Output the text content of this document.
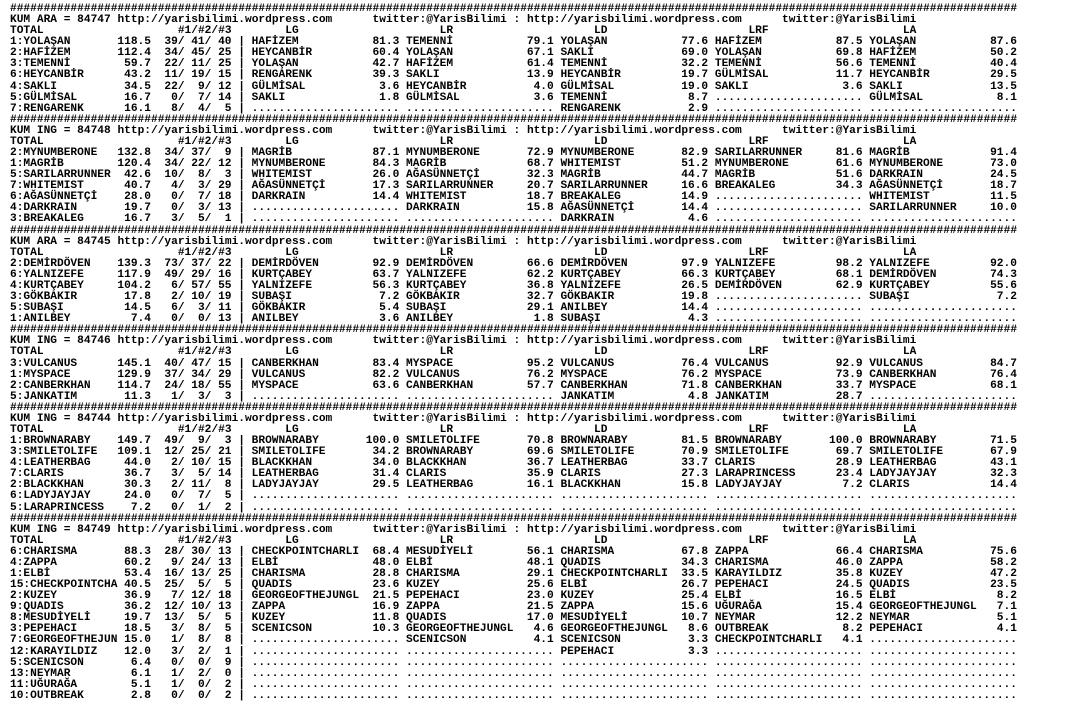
######################################################################################################################################################
KUM ARA = 84747 http://yarisbilimi.wordpress.com	twitter:@YarisBilimi : http://yarisbilimi.wordpress.com	twitter:@YarisBilimi
TOTAL	#1/#2/#3	LG	LR	LD	LRF	LA
1:YOLAŞAN	118.5 39/ 41/ 40 | HAFİZEM	81.3 TEMENNİ	79.1 YOLAŞAN	77.6 HAFİZEM	87.5 YOLAŞAN	87.6
2:HAFİZEM	112.4 34/ 45/ 25 | HEYCANBİR	60.4 YOLAŞAN	67.1 SAKLI	69.0 YOLAŞAN	69.8 HAFİZEM	50.2
3:TEMENNİ	59.7 22/ 11/ 25 | YOLAŞAN	42.7 HAFİZEM	61.4 TEMENNİ	32.2 TEMENNİ	56.6 TEMENNİ	40.4
6:HEYCANBİR	43.2 11/ 19/ 15 | RENGARENK	39.3 SAKLI	13.9 HEYCANBİR	19.7 GÜLMİSAL	11.7 HEYCANBİR	29.5
4:SAKLI	34.5 22/ 9/ 12 | GÜLMİSAL	3.6 HEYCANBİR	4.0 GÜLMİSAL	19.0 SAKLI	3.6 SAKLI	13.5
5:GÜLMİSAL	16.7 0/ 7/ 14 | SAKLI	1.8 GÜLMİSAL	3.6 TEMENNİ	8.7 ...................... GÜLMİSAL	8.1
7:RENGARENK	16.1 8/ 4/ 5 | ...................... ...................... RENGARENK	2.9 ...................... ......................
######################################################################################################################################################
KUM ING = 84748 http://yarisbilimi.wordpress.com	twitter:@YarisBilimi : http://yarisbilimi.wordpress.com	twitter:@YarisBilimi
TOTAL	#1/#2/#3	LG	LR	LD	LRF	LA
2:MYNUMBERONE 132.8 34/ 37/ 9 | MAGRİB	87.1 MYNUMBERONE	72.9 MYNUMBERONE	82.9 SARILARRUNNER	81.6 MAGRİB	91.4
1:MAGRİB	120.4 34/ 22/ 12 | MYNUMBERONE	84.3 MAGRİB	68.7 WHITEMIST	51.2 MYNUMBERONE	61.6 MYNUMBERONE	73.0
5:SARILARRUNNER 42.6 10/ 8/ 3 | WHITEMIST	26.0 AĞASÜNNETÇİ	32.3 MAGRİB	44.7 MAGRİB	51.6 DARKRAIN	24.5
7:WHITEMIST	40.7 4/ 3/ 29 | AĞASÜNNETÇİ	17.3 SARILARRUNNER	20.7 SARILARRUNNER	16.6 BREAKALEG	34.3 AĞASÜNNETÇİ	18.7
6:AĞASÜNNETÇİ 28.0 0/ 7/ 18 | DARKRAIN	14.4 WHITEMIST	18.7 BREAKALEG	14.9 ...................... WHITEMIST	11.5
4:DARKRAIN	19.7 0/ 3/ 13 | ...................... DARKRAIN	15.8 AĞASÜNNETÇİ	14.4 ...................... SARILARRUNNER	10.0
3:BREAKALEG	16.7 3/ 5/ 1 | ...................... ...................... DARKRAIN	4.6 ...................... ......................
######################################################################################################################################################
KUM ARA = 84745 http://yarisbilimi.wordpress.com	twitter:@YarisBilimi : http://yarisbilimi.wordpress.com	twitter:@YarisBilimi
TOTAL	#1/#2/#3	LG	LR	LD	LRF	LA
2:DEMİRDÖVEN 139.3 73/ 37/ 22 | DEMİRDÖVEN	92.9 DEMİRDÖVEN	66.6 DEMİRDÖVEN	97.9 YALNIZEFE	98.2 YALNIZEFE	92.0
6:YALNIZEFE	117.9 49/ 29/ 16 | KURTÇABEY	63.7 YALNIZEFE	62.2 KURTÇABEY	66.3 KURTÇABEY	68.1 DEMİRDÖVEN	74.3
4:KURTÇABEY	104.2 6/ 57/ 55 | YALNIZEFE	56.3 KURTÇABEY	36.8 YALNIZEFE	26.5 DEMİRDÖVEN	62.9 KURTÇABEY	55.6
3:GÖKBAKIR	17.8 2/ 10/ 19 | SUBAŞI	7.2 GÖKBAKIR	32.7 GÖKBAKIR	19.8 ...................... SUBAŞI	7.2
5:SUBAŞI	14.5 6/ 3/ 11 | GÖKBAKIR	5.4 SUBAŞI	29.1 ANILBEY	14.4 ...................... ......................
1:ANILBEY	7.4 0/ 0/ 13 | ANILBEY	3.6 ANILBEY	1.8 SUBAŞI	4.3 ...................... ......................
######################################################################################################################################################
KUM ING = 84746 http://yarisbilimi.wordpress.com	twitter:@YarisBilimi : http://yarisbilimi.wordpress.com	twitter:@YarisBilimi
TOTAL	#1/#2/#3	LG	LR	LD	LRF	LA
3:VULCANUS	145.1 40/ 47/ 15 | CANBERKHAN	83.4 MYSPACE	95.2 VULCANUS	76.4 VULCANUS	92.9 VULCANUS	84.7
1:MYSPACE	129.9 37/ 34/ 29 | VULCANUS	82.2 VULCANUS	76.2 MYSPACE	76.2 MYSPACE	73.9 CANBERKHAN	76.4
2:CANBERKHAN 114.7 24/ 18/ 55 | MYSPACE	63.6 CANBERKHAN	57.7 CANBERKHAN	71.8 CANBERKHAN	33.7 MYSPACE	68.1
5:JANKATIM	11.3 1/ 3/ 3 | ...................... ...................... JANKATIM	4.8 JANKATIM	28.7 ......................
######################################################################################################################################################
KUM ING = 84744 http://yarisbilimi.wordpress.com	twitter:@YarisBilimi : http://yarisbilimi.wordpress.com	twitter:@YarisBilimi
TOTAL	#1/#2/#3	LG	LR	LD	LRF	LA
1:BROWNARABY 149.7 49/ 9/ 3 | BROWNARABY	100.0 SMILETOLIFE	70.8 BROWNARABY	81.5 BROWNARABY	100.0 BROWNARABY	71.5
3:SMILETOLIFE 109.1 12/ 25/ 21 | SMILETOLIFE	34.2 BROWNARABY	69.6 SMILETOLIFE	70.9 SMILETOLIFE	69.7 SMILETOLIFE	67.9
4:LEATHERBAG	44.0 2/ 10/ 15 | BLACKKHAN	34.0 BLACKKHAN	36.7 LEATHERBAG	33.7 CLARIS	28.9 LEATHERBAG	43.1
7:CLARIS	36.7 3/ 5/ 14 | LEATHERBAG	31.4 CLARIS	35.9 CLARIS	27.3 LARAPRINCESS	23.4 LADYJAYJAY	32.3
2:BLACKKHAN	30.3 2/ 11/ 8 | LADYJAYJAY	29.5 LEATHERBAG	16.1 BLACKKHAN	15.8 LADYJAYJAY	7.2 CLARIS	14.4
6:LADYJAYJAY	24.0 0/ 7/ 5 | ...................... ...................... ...................... ...................... ......................
5:LARAPRINCESS 7.2 0/ 1/ 2 | ...................... ...................... ...................... ...................... ......................
######################################################################################################################################################
KUM ING = 84749 http://yarisbilimi.wordpress.com	twitter:@YarisBilimi : http://yarisbilimi.wordpress.com	twitter:@YarisBilimi
TOTAL	#1/#2/#3	LG	LR	LD	LRF	LA
6:CHARISMA	88.3 28/ 30/ 13 | CHECKPOINTCHARLI 68.4 MESUDİYELİ	56.1 CHARISMA	67.8 ZAPPA	66.4 CHARISMA	75.6
4:ZAPPA	60.2 9/ 24/ 13 | ELBİ	48.0 ELBİ	48.1 QUADIS	34.3 CHARISMA	46.0 ZAPPA	58.2
1:ELBİ	53.4 16/ 13/ 25 | CHARISMA	28.8 CHARISMA	29.1 CHECKPOINTCHARLI 33.5 KARAYILDIZ	35.8 KUZEY	47.2
15:CHECKPOINTCHA 40.5 25/ 5/ 5 | QUADIS	23.6 KUZEY	25.6 ELBİ	26.7 PEPEHACI	24.5 QUADIS	23.5
2:KUZEY	36.9 7/ 12/ 18 | GEORGEOFTHEJUNGL 21.5 PEPEHACI	23.0 KUZEY	25.4 ELBİ	16.5 ELBİ	8.2
9:QUADIS	36.2 12/ 10/ 13 | ZAPPA	16.9 ZAPPA	21.5 ZAPPA	15.6 UĞURAĞA	15.4 GEORGEOFTHEJUNGL 7.1
8:MESUDİYELİ	19.7 13/ 5/ 5 | KUZEY	11.8 QUADIS	17.0 MESUDİYELİ	10.7 NEYMAR	12.2 NEYMAR	5.1
3:PEPEHACI	18.5 3/ 8/ 5 | SCENICSON	10.3 GEORGEOFTHEJUNGL 4.6 GEORGEOFTHEJUNGL 8.6 OUTBREAK	8.2 PEPEHACI	4.1
7:GEORGEOFTHEJUN 15.0 1/ 8/ 8 | ...................... SCENICSON	4.1 SCENICSON	3.3 CHECKPOINTCHARLI 4.1 ......................
12:KARAYILDIZ 12.0 3/ 2/ 1 | ...................... ...................... PEPEHACI	3.3 ...................... ......................
5:SCENICSON	6.4 0/ 0/ 9 | ...................... ...................... ...................... ...................... ......................
13:NEYMAR	6.1 1/ 2/ 0 | ...................... ...................... ...................... ...................... ......................
11:UĞURAĞA	5.1 1/ 0/ 2 | ...................... ...................... ...................... ...................... ......................
10:OUTBREAK	2.8 0/ 0/ 2 | ...................... ...................... ...................... ...................... ......................
